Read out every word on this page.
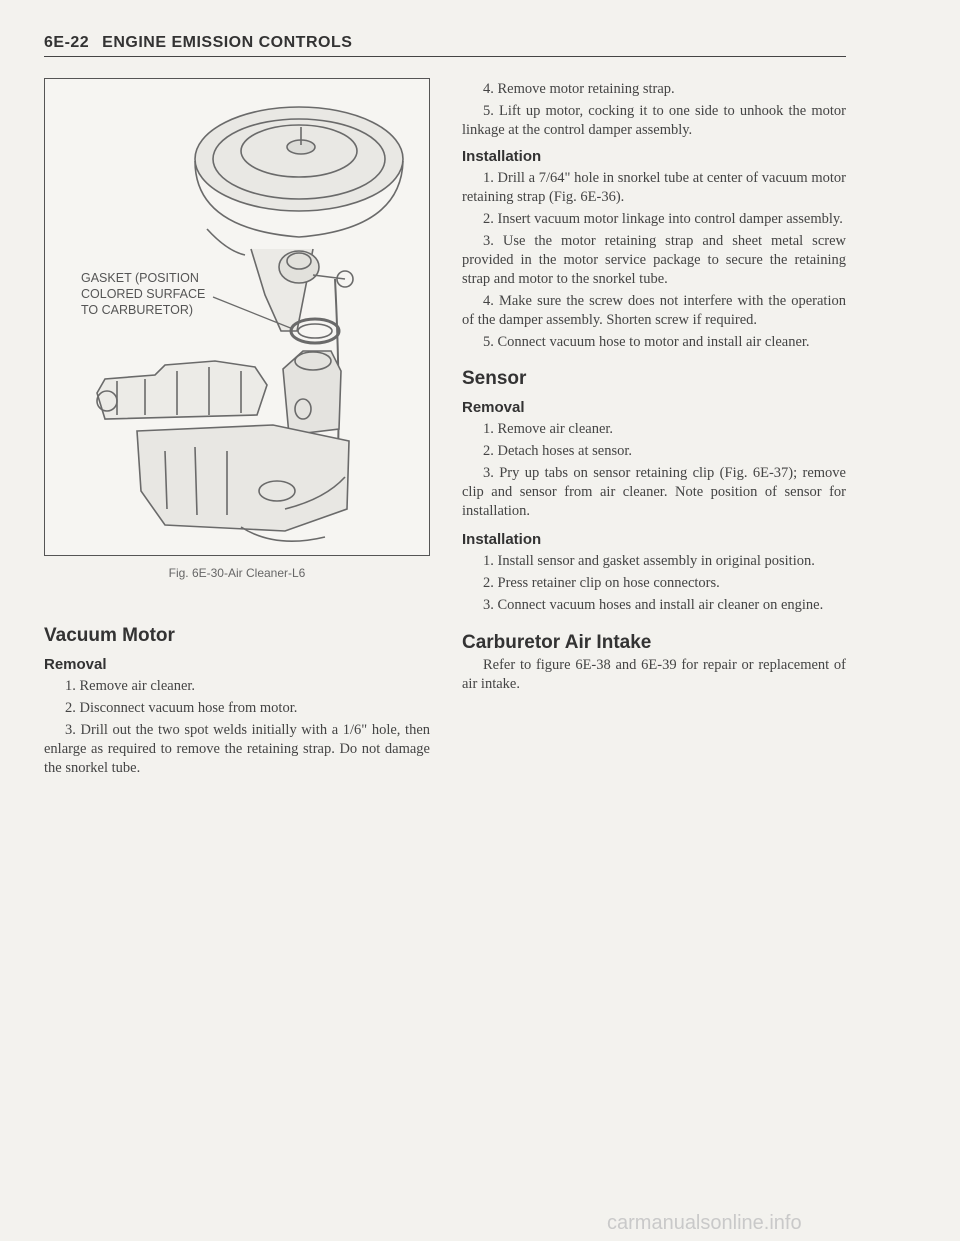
6E-22 ENGINE EMISSION CONTROLS
GASKET (POSITION
COLORED SURFACE
TO CARBURETOR)
Fig. 6E-30-Air Cleaner-L6
Vacuum Motor
Removal

1. Remove air cleaner.

2. Disconnect vacuum hose from motor.

3. Drill out the two spot welds initially with a 1/6" hole, then enlarge as required to remove the retaining strap. Do not damage the snorkel tube.

4. Remove motor retaining strap.

5. Lift up motor, cocking it to one side to unhook the motor linkage at the control damper assembly.

Installation

1. Drill a 7/64" hole in snorkel tube at center of vacuum motor retaining strap (Fig. 6E-36).

2. Insert vacuum motor linkage into control damper assembly.

3. Use the motor retaining strap and sheet metal screw provided in the motor service package to secure the retaining strap and motor to the snorkel tube.

4. Make sure the screw does not interfere with the operation of the damper assembly. Shorten screw if required.

5. Connect vacuum hose to motor and install air cleaner.

Sensor
Removal

1. Remove air cleaner.

2. Detach hoses at sensor.

3. Pry up tabs on sensor retaining clip (Fig. 6E-37); remove clip and sensor from air cleaner. Note position of sensor for installation.

Installation

1. Install sensor and gasket assembly in original position.

2. Press retainer clip on hose connectors.

3. Connect vacuum hoses and install air cleaner on engine.

Carburetor Air Intake

Refer to figure 6E-38 and 6E-39 for repair or replacement of air intake.

carmanualsonline.info
